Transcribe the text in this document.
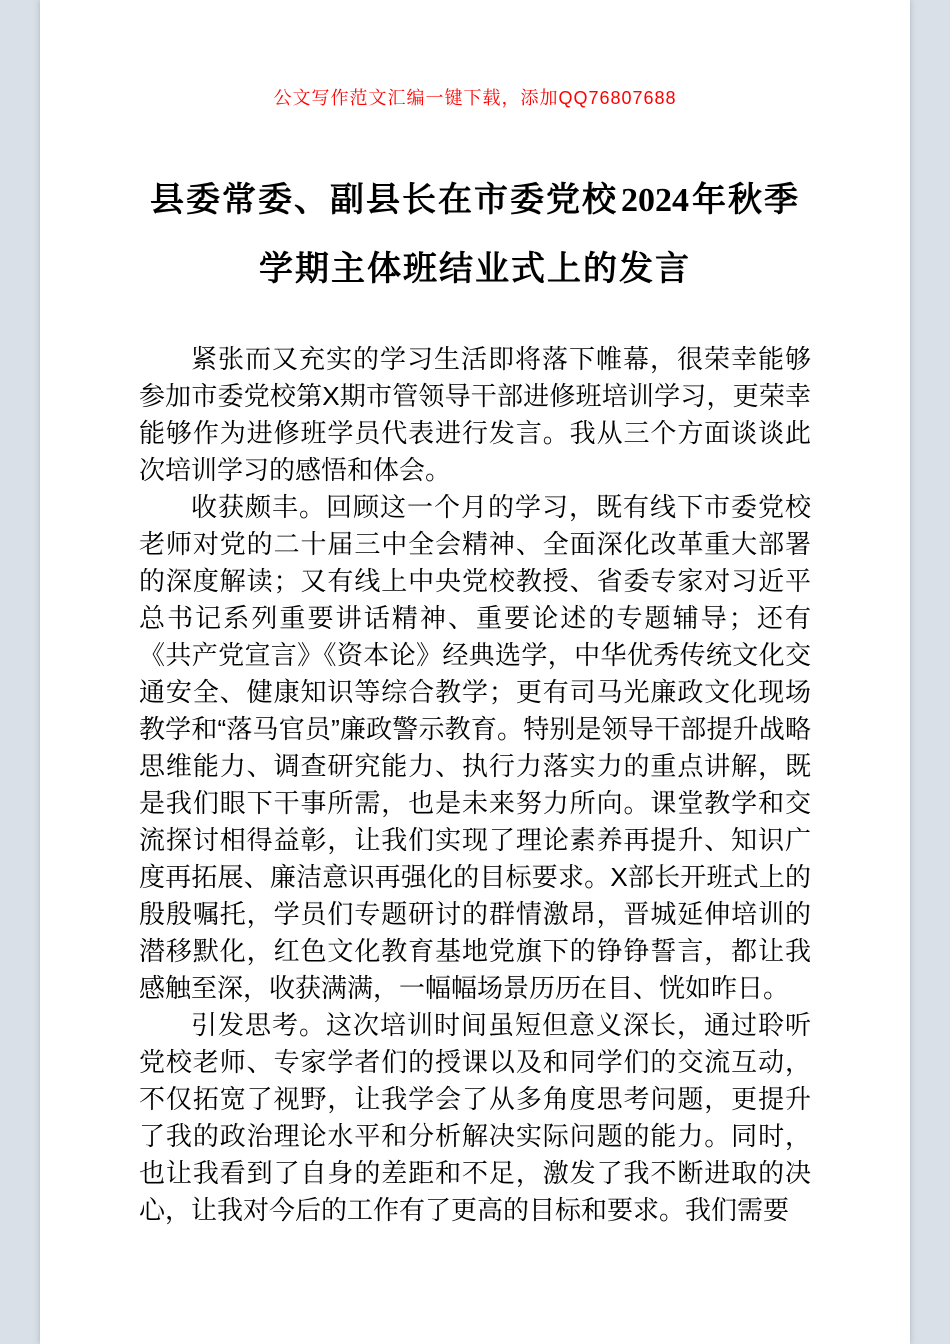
公文写作范文汇编一键下载，添加QQ76807688
县委常委、副县长在市委党校2024年秋季
学期主体班结业式上的发言

紧张而又充实的学习生活即将落下帷幕，很荣幸能够参加市委党校第X期市管领导干部进修班培训学习，更荣幸能够作为进修班学员代表进行发言。我从三个方面谈谈此次培训学习的感悟和体会。

收获颇丰。回顾这一个月的学习，既有线下市委党校老师对党的二十届三中全会精神、全面深化改革重大部署的深度解读；又有线上中央党校教授、省委专家对习近平总书记系列重要讲话精神、重要论述的专题辅导；还有《共产党宣言》《资本论》经典选学，中华优秀传统文化交通安全、健康知识等综合教学；更有司马光廉政文化现场教学和“落马官员”廉政警示教育。特别是领导干部提升战略思维能力、调查研究能力、执行力落实力的重点讲解，既是我们眼下干事所需，也是未来努力所向。课堂教学和交流探讨相得益彰，让我们实现了理论素养再提升、知识广度再拓展、廉洁意识再强化的目标要求。X部长开班式上的殷殷嘱托，学员们专题研讨的群情激昂，晋城延伸培训的潜移默化，红色文化教育基地党旗下的铮铮誓言，都让我感触至深，收获满满，一幅幅场景历历在目、恍如昨日。

引发思考。这次培训时间虽短但意义深长，通过聆听党校老师、专家学者们的授课以及和同学们的交流互动，不仅拓宽了视野，让我学会了从多角度思考问题，更提升了我的政治理论水平和分析解决实际问题的能力。同时，也让我看到了自身的差距和不足，激发了我不断进取的决心，让我对今后的工作有了更高的目标和要求。我们需要
